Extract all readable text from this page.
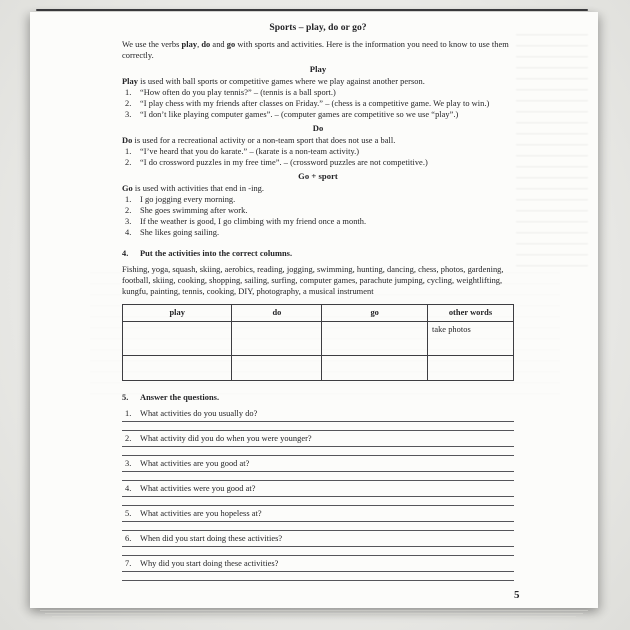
Sports – play, do or go?

We use the verbs play, do and go with sports and activities. Here is the information you need to know to use them correctly.

Play

Play is used with ball sports or competitive games where we play against another person.

1.	“How often do you play tennis?” – (tennis is a ball sport.)
2.	“I play chess with my friends after classes on Friday.” – (chess is a competitive game. We play to win.)
3.	“I don’t like playing computer games”. – (computer games are competitive so we use “play”.)
Do

Do is used for a recreational activity or a non-team sport that does not use a ball.

1.	“I’ve heard that you do karate.” – (karate is a non-team activity.)
2.	“I do crossword puzzles in my free time”. – (crossword puzzles are not competitive.)
Go + sport

Go is used with activities that end in -ing.

1.	I go jogging every morning.
2.	She goes swimming after work.
3.	If the weather is good, I go climbing with my friend once a month.
4.	She likes going sailing.
4.	Put the activities into the correct columns.

Fishing, yoga, squash, skiing, aerobics, reading, jogging, swimming, hunting, dancing, chess, photos, gardening, football, skiing, cooking, shopping, sailing, surfing, computer games, parachute jumping, cycling, weightlifting, kungfu, painting, tennis, cooking, DIY, photography, a musical instrument

play	do	go	other words
			take photos

5.	Answer the questions.
1.	What activities do you usually do?
2.	What activity did you do when you were younger?
3.	What activities are you good at?
4.	What activities were you good at?
5.	What activities are you hopeless at?
6.	When did you start doing these activities?
7.	Why did you start doing these activities?
5
